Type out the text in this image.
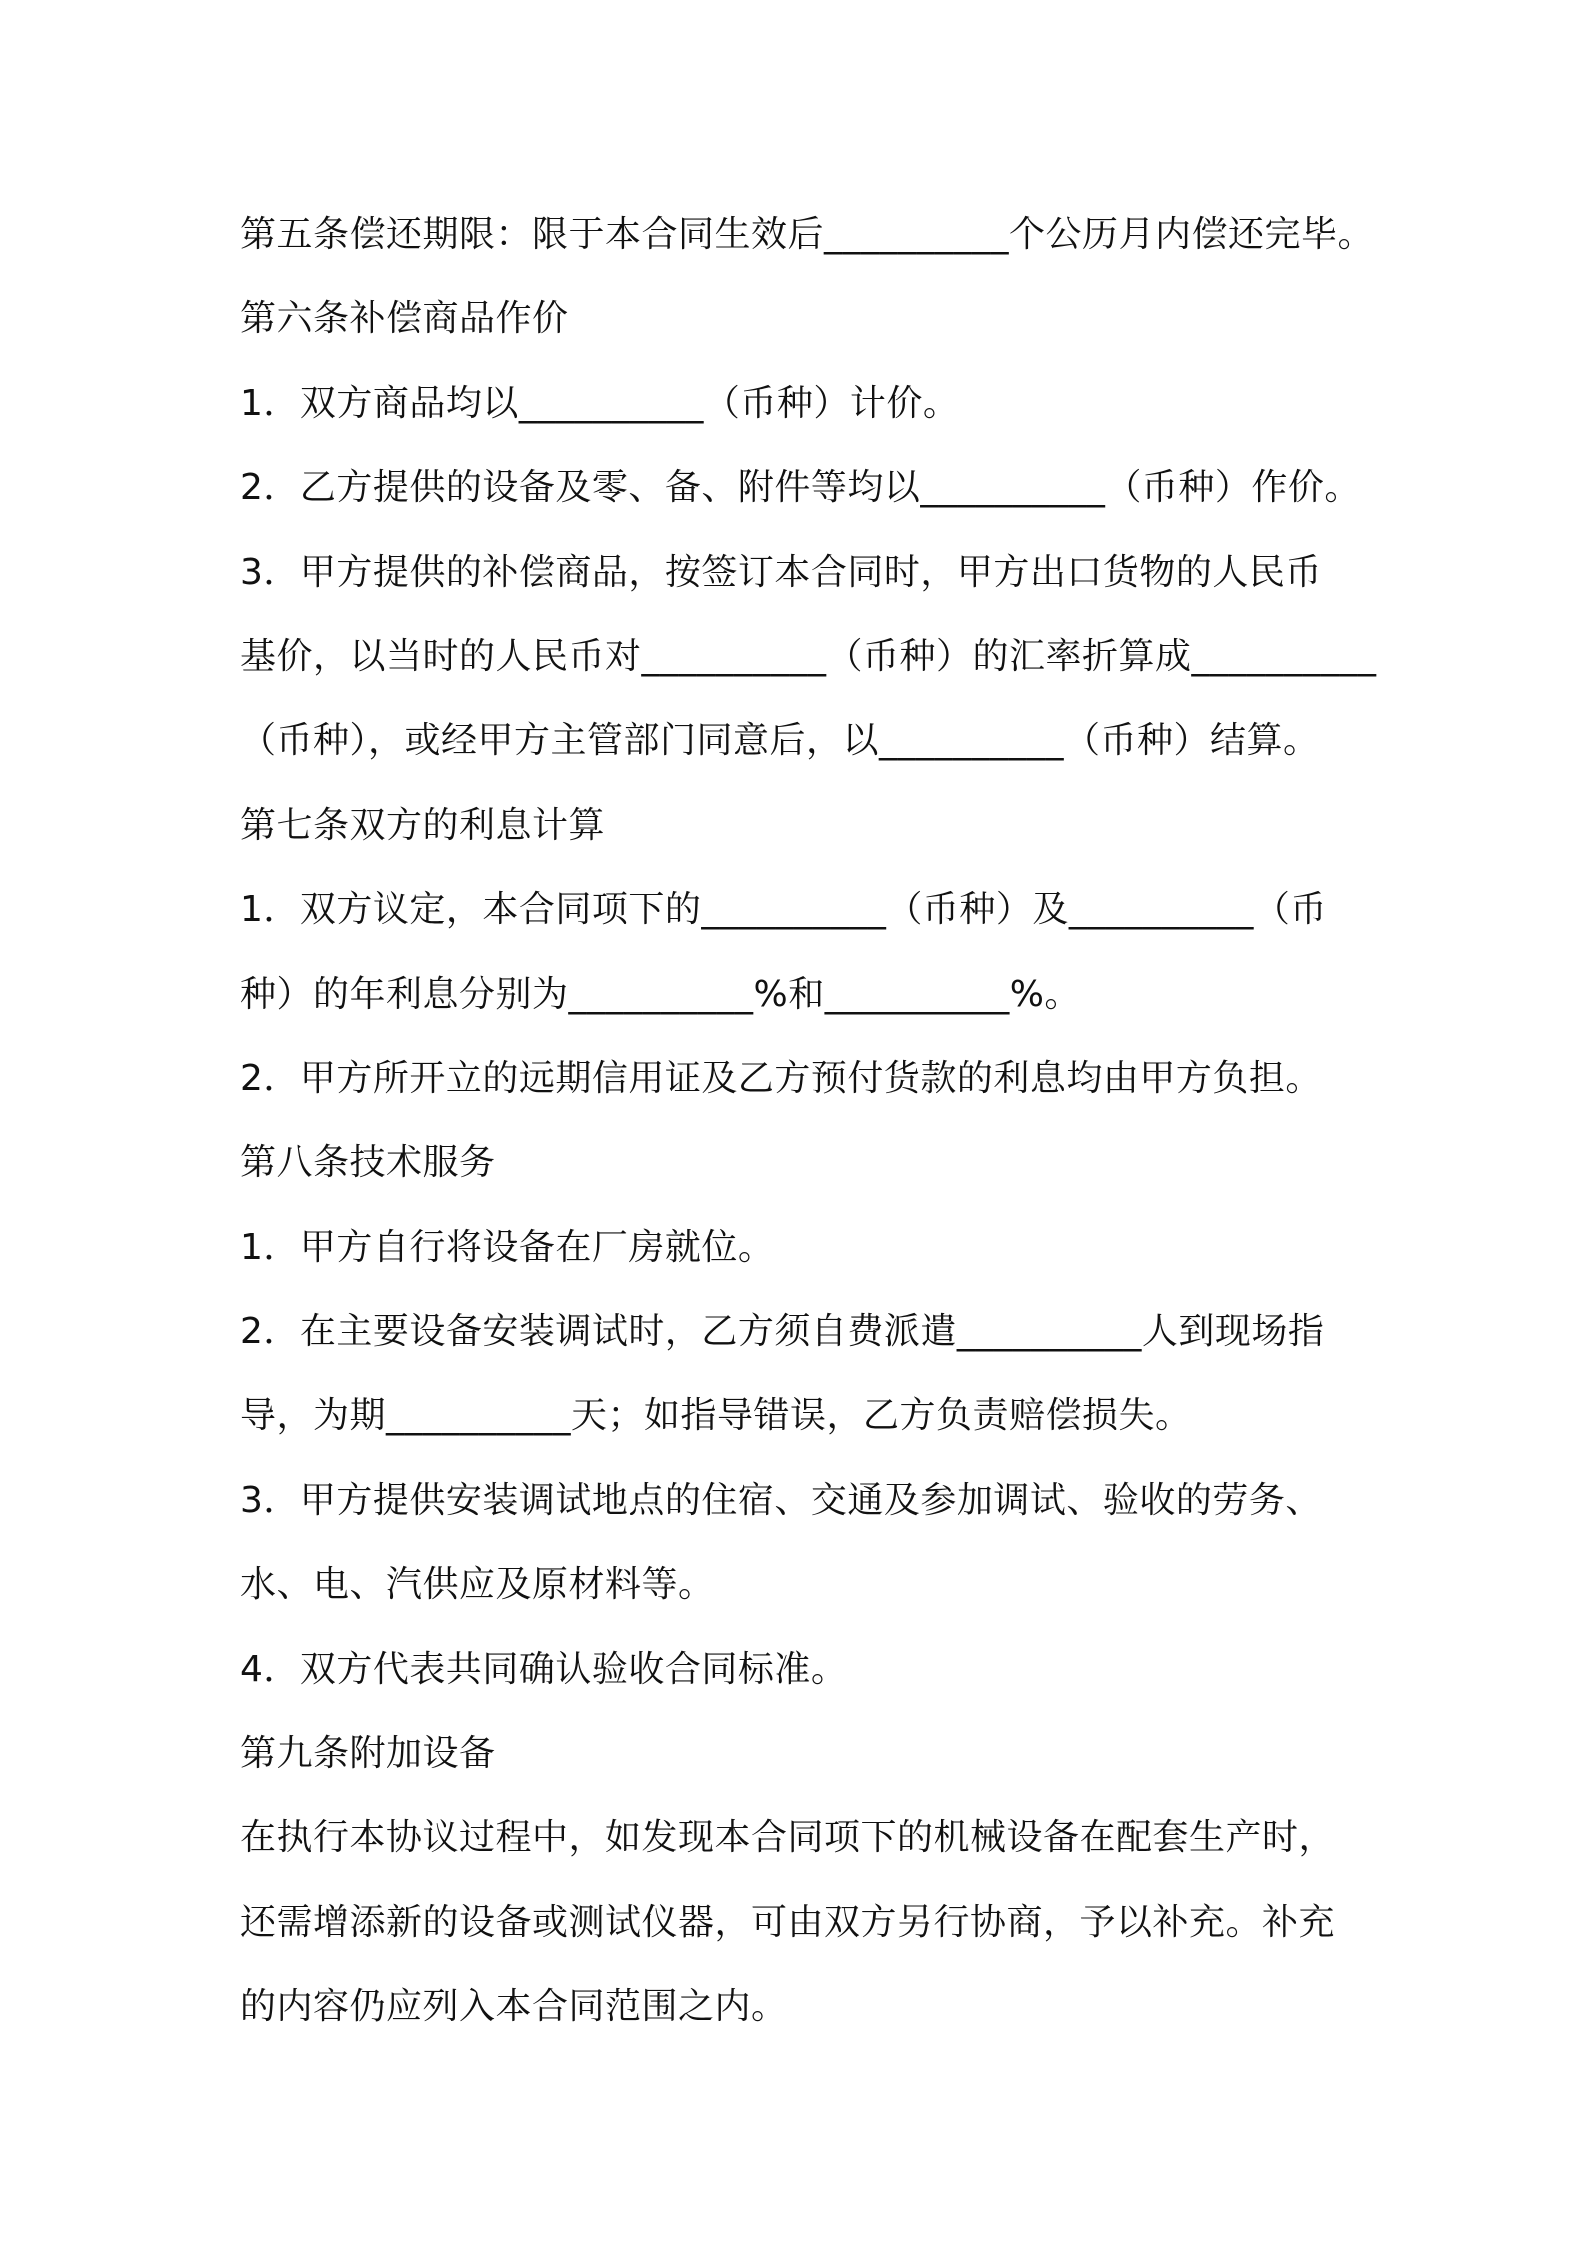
第五条偿还期限：限于本合同生效后__________个公历月内偿还完毕。
第六条补偿商品作价
1．双方商品均以__________（币种）计价。
2．乙方提供的设备及零、备、附件等均以__________（币种）作价。
3．甲方提供的补偿商品，按签订本合同时，甲方出口货物的人民币
基价，以当时的人民币对__________（币种）的汇率折算成__________
（币种），或经甲方主管部门同意后，以__________（币种）结算。
第七条双方的利息计算
1．双方议定，本合同项下的__________（币种）及__________（币
种）的年利息分别为__________%和__________%。
2．甲方所开立的远期信用证及乙方预付货款的利息均由甲方负担。
第八条技术服务
1．甲方自行将设备在厂房就位。
2．在主要设备安装调试时，乙方须自费派遣__________人到现场指
导，为期__________天；如指导错误，乙方负责赔偿损失。
3．甲方提供安装调试地点的住宿、交通及参加调试、验收的劳务、
水、电、汽供应及原材料等。
4．双方代表共同确认验收合同标准。
第九条附加设备
在执行本协议过程中，如发现本合同项下的机械设备在配套生产时，
还需增添新的设备或测试仪器，可由双方另行协商，予以补充。补充
的内容仍应列入本合同范围之内。
